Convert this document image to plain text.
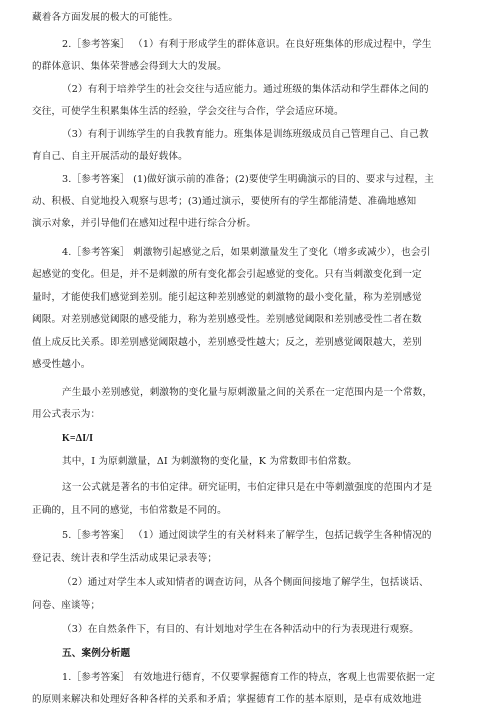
藏着各方面发展的极大的可能性。
2.［参考答案］ （1）有利于形成学生的群体意识。在良好班集体的形成过程中，学生
的群体意识、集体荣誉感会得到大大的发展。
（2）有利于培养学生的社会交往与适应能力。通过班级的集体活动和学生群体之间的
交往，可使学生积累集体生活的经验，学会交往与合作，学会适应环境。
（3）有利于训练学生的自我教育能力。班集体是训练班级成员自己管理自己、自己教
育自己、自主开展活动的最好载体。
3.［参考答案］ (1)做好演示前的准备；(2)要使学生明确演示的目的、要求与过程，主
动、积极、自觉地投入观察与思考；(3)通过演示，要使所有的学生都能清楚、准确地感知
演示对象，并引导他们在感知过程中进行综合分析。
4.［参考答案］ 刺激物引起感觉之后，如果刺激量发生了变化（增多或减少），也会引
起感觉的变化。但是，并不是刺激的所有变化都会引起感觉的变化。只有当刺激变化到一定
量时，才能使我们感觉到差别。能引起这种差别感觉的刺激物的最小变化量，称为差别感觉
阈限。对差别感觉阈限的感受能力，称为差别感受性。差别感觉阈限和差别感受性二者在数
值上成反比关系。即差别感觉阈限越小，差别感受性越大；反之，差别感觉阈限越大，差别
感受性越小。
产生最小差别感觉，刺激物的变化量与原刺激量之间的关系在一定范围内是一个常数，
用公式表示为：
K=ΔI/I
其中，I 为原刺激量，ΔI 为刺激物的变化量，K 为常数即韦伯常数。
这一公式就是著名的韦伯定律。研究证明，韦伯定律只是在中等刺激强度的范围内才是
正确的，且不同的感觉，韦伯常数是不同的。
5.［参考答案］ （1）通过阅读学生的有关材料来了解学生，包括记载学生各种情况的
登记表、统计表和学生活动成果记录表等；
（2）通过对学生本人或知情者的调查访问，从各个侧面间接地了解学生，包括谈话、
问卷、座谈等；
（3）在自然条件下，有目的、有计划地对学生在各种活动中的行为表现进行观察。
五、案例分析题
1.［参考答案］ 有效地进行德育，不仅要掌握德育工作的特点，客观上也需要依据一定
的原则来解决和处理好各种各样的关系和矛盾；掌握德育工作的基本原则，是卓有成效地进
